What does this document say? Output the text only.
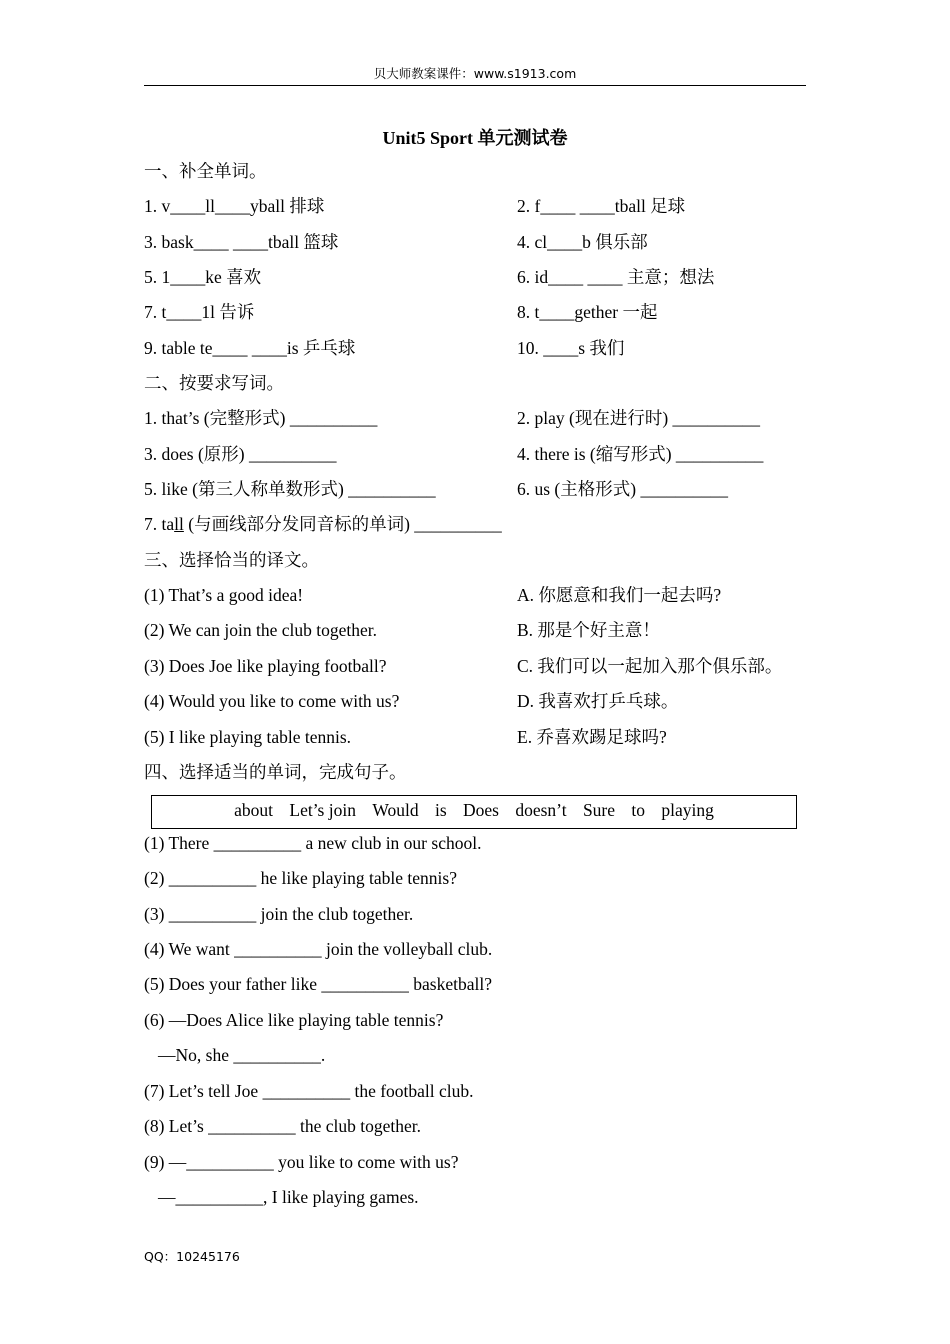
贝大师教案课件：www.s1913.com
Unit5 Sport 单元测试卷
一、补全单词。
1. v____ll____yball 排球	2. f____ ____tball 足球
3. bask____ ____tball 篮球	4. cl____b 俱乐部
5. 1____ke 喜欢	6. id____ ____ 主意；想法
7. t____1l 告诉	8. t____gether 一起
9. table te____ ____is 乒乓球	10. ____s 我们
二、按要求写词。
1. that’s (完整形式) __________	2. play (现在进行时) __________
3. does (原形) __________	4. there is (缩写形式) __________
5. like (第三人称单数形式) __________	6. us (主格形式) __________
7. tall (与画线部分发同音标的单词) __________
三、选择恰当的译文。
(1) That’s a good idea!	A. 你愿意和我们一起去吗?
(2) We can join the club together.	B. 那是个好主意！
(3) Does Joe like playing football?	C. 我们可以一起加入那个俱乐部。
(4) Would you like to come with us?	D. 我喜欢打乒乓球。
(5) I like playing table tennis.	E. 乔喜欢踢足球吗?
四、选择适当的单词，完成句子。
about Let’s join Would is Does doesn’t Sure to playing
(1) There __________ a new club in our school.
(2) __________ he like playing table tennis?
(3) __________ join the club together.
(4) We want __________ join the volleyball club.
(5) Does your father like __________ basketball?
(6) —Does Alice like playing table tennis?
—No, she __________.
(7) Let’s tell Joe __________ the football club.
(8) Let’s __________ the club together.
(9) —__________ you like to come with us?
—__________, I like playing games.
QQ：10245176
